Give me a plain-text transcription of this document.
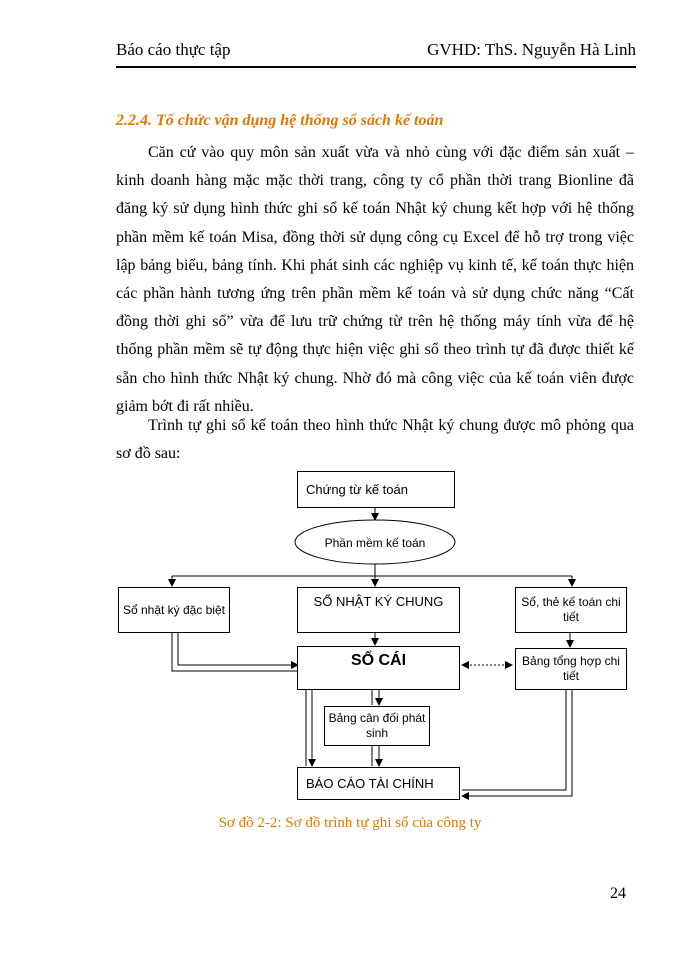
Báo cáo thực tập	GVHD: ThS. Nguyễn Hà Linh
2.2.4. Tổ chức vận dụng hệ thống sổ sách kế toán

Căn cứ vào quy môn sản xuất vừa và nhỏ cùng với đặc điểm sản xuất – kinh doanh hàng mặc mặc thời trang, công ty cổ phần thời trang Bionline đã đăng ký sử dụng hình thức ghi sổ kế toán Nhật ký chung kết hợp với hệ thống phần mềm kế toán Misa, đồng thời sử dụng công cụ Excel để hỗ trợ trong việc lập bảng biểu, bảng tính. Khi phát sinh các nghiệp vụ kinh tế, kế toán thực hiện các phần hành tương ứng trên phần mềm kế toán và sử dụng chức năng “Cất đồng thời ghi sổ” vừa để lưu trữ chứng từ trên hệ thống máy tính vừa để hệ thống phần mềm sẽ tự động thực hiện việc ghi sổ theo trình tự đã được thiết kế sẵn cho hình thức Nhật ký chung. Nhờ đó mà công việc của kế toán viên được giảm bớt đi rất nhiều.

Trình tự ghi sổ kế toán theo hình thức Nhật ký chung được mô phỏng qua sơ đồ sau:

Chứng từ kế toán
Phần mềm kế toán
Sổ nhật ký đặc biệt
SỔ NHẬT KÝ CHUNG	Sổ, thẻ kế toán chi tiết
SỔ CÁI	Bảng tổng hợp chi tiết
Bảng cân đối phát sinh
BÁO CÁO TÀI CHÍNH
Sơ đồ 2-2: Sơ đồ trình tự ghi sổ của công ty
24
